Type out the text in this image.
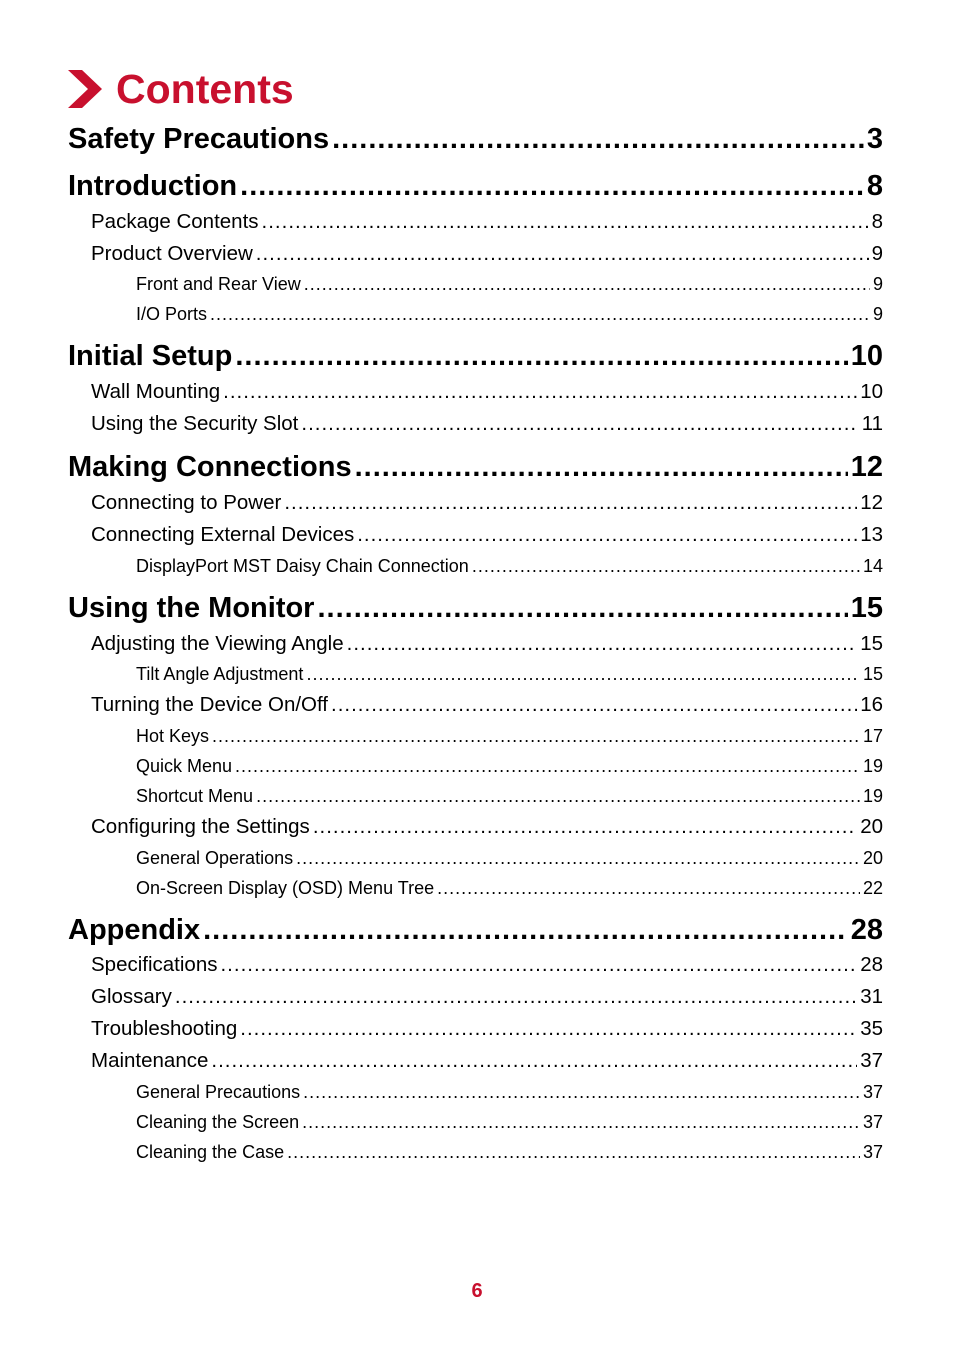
Contents
Safety Precautions .....	3
Introduction .....	8
Package Contents .....	8
Product Overview .....	9
Front and Rear View .....	9
I/O Ports .....	9
Initial Setup .....	10
Wall Mounting .....	10
Using the Security Slot .....	11
Making Connections .....	12
Connecting to Power .....	12
Connecting External Devices .....	13
DisplayPort MST Daisy Chain Connection .....	14
Using the Monitor .....	15
Adjusting the Viewing Angle .....	15
Tilt Angle Adjustment .....	15
Turning the Device On/Off .....	16
Hot Keys .....	17
Quick Menu .....	19
Shortcut Menu .....	19
Configuring the Settings .....	20
General Operations .....	20
On-Screen Display (OSD) Menu Tree .....	22
Appendix .....	28
Specifications .....	28
Glossary .....	31
Troubleshooting .....	35
Maintenance .....	37
General Precautions .....	37
Cleaning the Screen .....	37
Cleaning the Case .....	37
6
